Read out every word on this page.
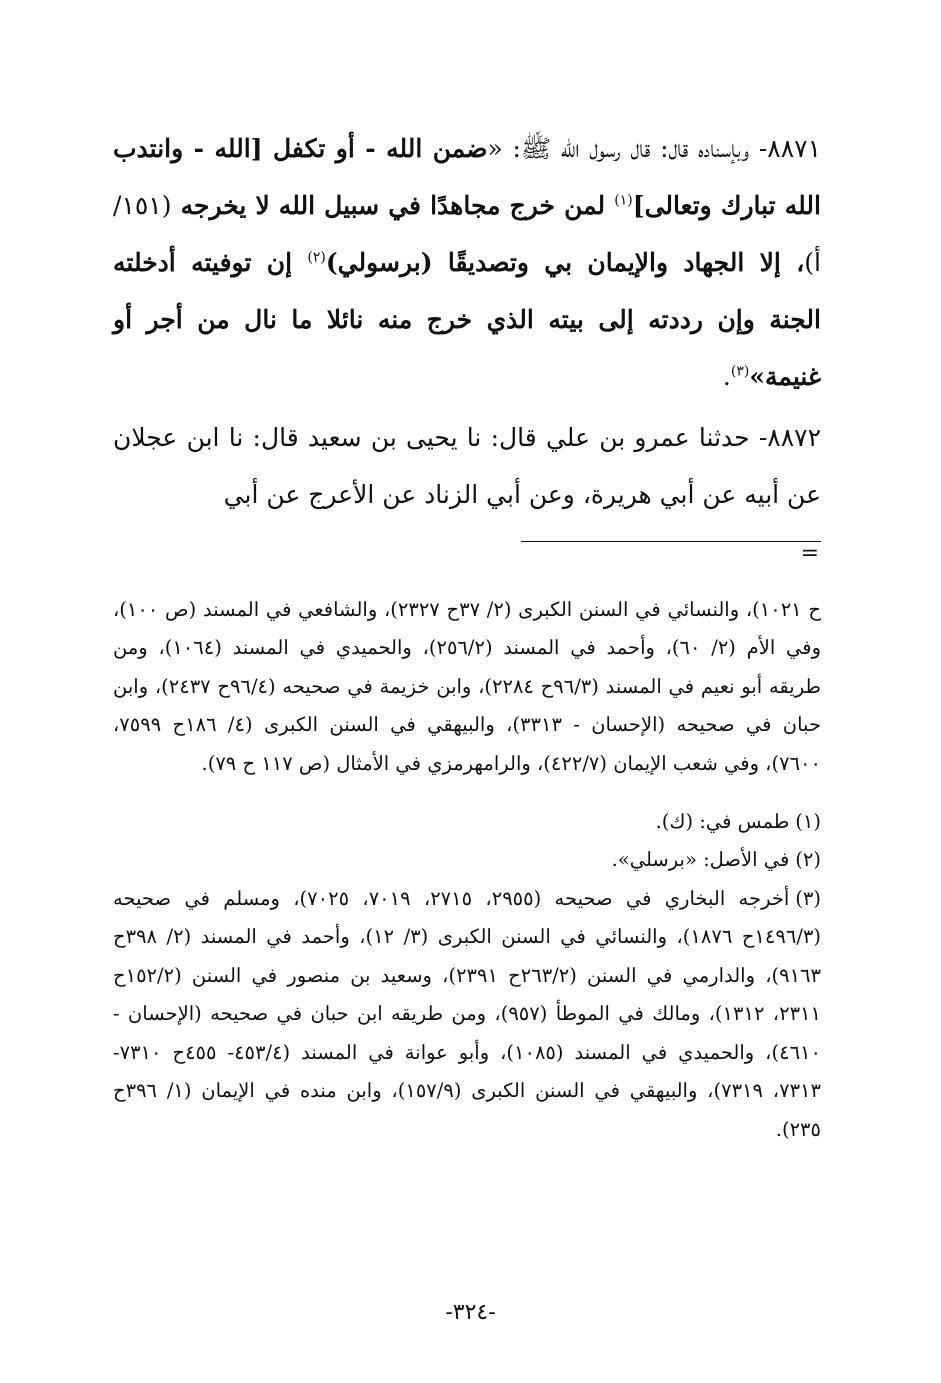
٨٨٧١- وبإسناده قال: قال رسول الله ﷺ: «ضمن الله - أو تكفل [الله - وانتدب الله تبارك وتعالى]$^{(١)}$ لمن خرج مجاهدًا في سبيل الله لا يخرجه (١٥١/أ)، إلا الجهاد والإيمان بي وتصديقًا (برسولي)$^{(٢)}$ إن توفيته أدخلته الجنة وإن رددته إلى بيته الذي خرج منه نائلا ما نال من أجر أو غنيمة»$^{(٣)}$.

٨٨٧٢- حدثنا عمرو بن علي قال: نا يحيى بن سعيد قال: نا ابن عجلان عن أبيه عن أبي هريرة، وعن أبي الزناد عن الأعرج عن أبي

=

ح ١٠٢١)، والنسائي في السنن الكبرى (٢/ ٣٧ح ٢٣٢٧)، والشافعي في المسند (ص ١٠٠)، وفي الأم (٢/ ٦٠)، وأحمد في المسند (٢٥٦/٢)، والحميدي في المسند (١٠٦٤)، ومن طريقه أبو نعيم في المسند (٩٦/٣ح ٢٢٨٤)، وابن خزيمة في صحيحه (٩٦/٤ح ٢٤٣٧)، وابن حبان في صحيحه (الإحسان - ٣٣١٣)، والبيهقي في السنن الكبرى (٤/ ١٨٦ح ٧٥٩٩، ٧٦٠٠)، وفي شعب الإيمان (٤٢٢/٧)، والرامهرمزي في الأمثال (ص ١١٧ ح ٧٩).

(١)طمس في: (ك).

(٢)في الأصل: «برسلي».

(٣)أخرجه البخاري في صحيحه (٢٩٥٥، ٢٧١٥، ٧٠١٩، ٧٠٢٥)، ومسلم في صحيحه (١٤٩٦/٣ح ١٨٧٦)، والنسائي في السنن الكبرى (٣/ ١٢)، وأحمد في المسند (٢/ ٣٩٨ح ٩١٦٣)، والدارمي في السنن (٢٦٣/٢ح ٢٣٩١)، وسعيد بن منصور في السنن (١٥٢/٢ح ٢٣١١، ١٣١٢)، ومالك في الموطأ (٩٥٧)، ومن طريقه ابن حبان في صحيحه (الإحسان - ٤٦١٠)، والحميدي في المسند (١٠٨٥)، وأبو عوانة في المسند (٤٥٣/٤- ٤٥٥ح ٧٣١٠- ٧٣١٣، ٧٣١٩)، والبيهقي في السنن الكبرى (١٥٧/٩)، وابن منده في الإيمان (١/ ٣٩٦ح ٢٣٥).

-٣٢٤-
